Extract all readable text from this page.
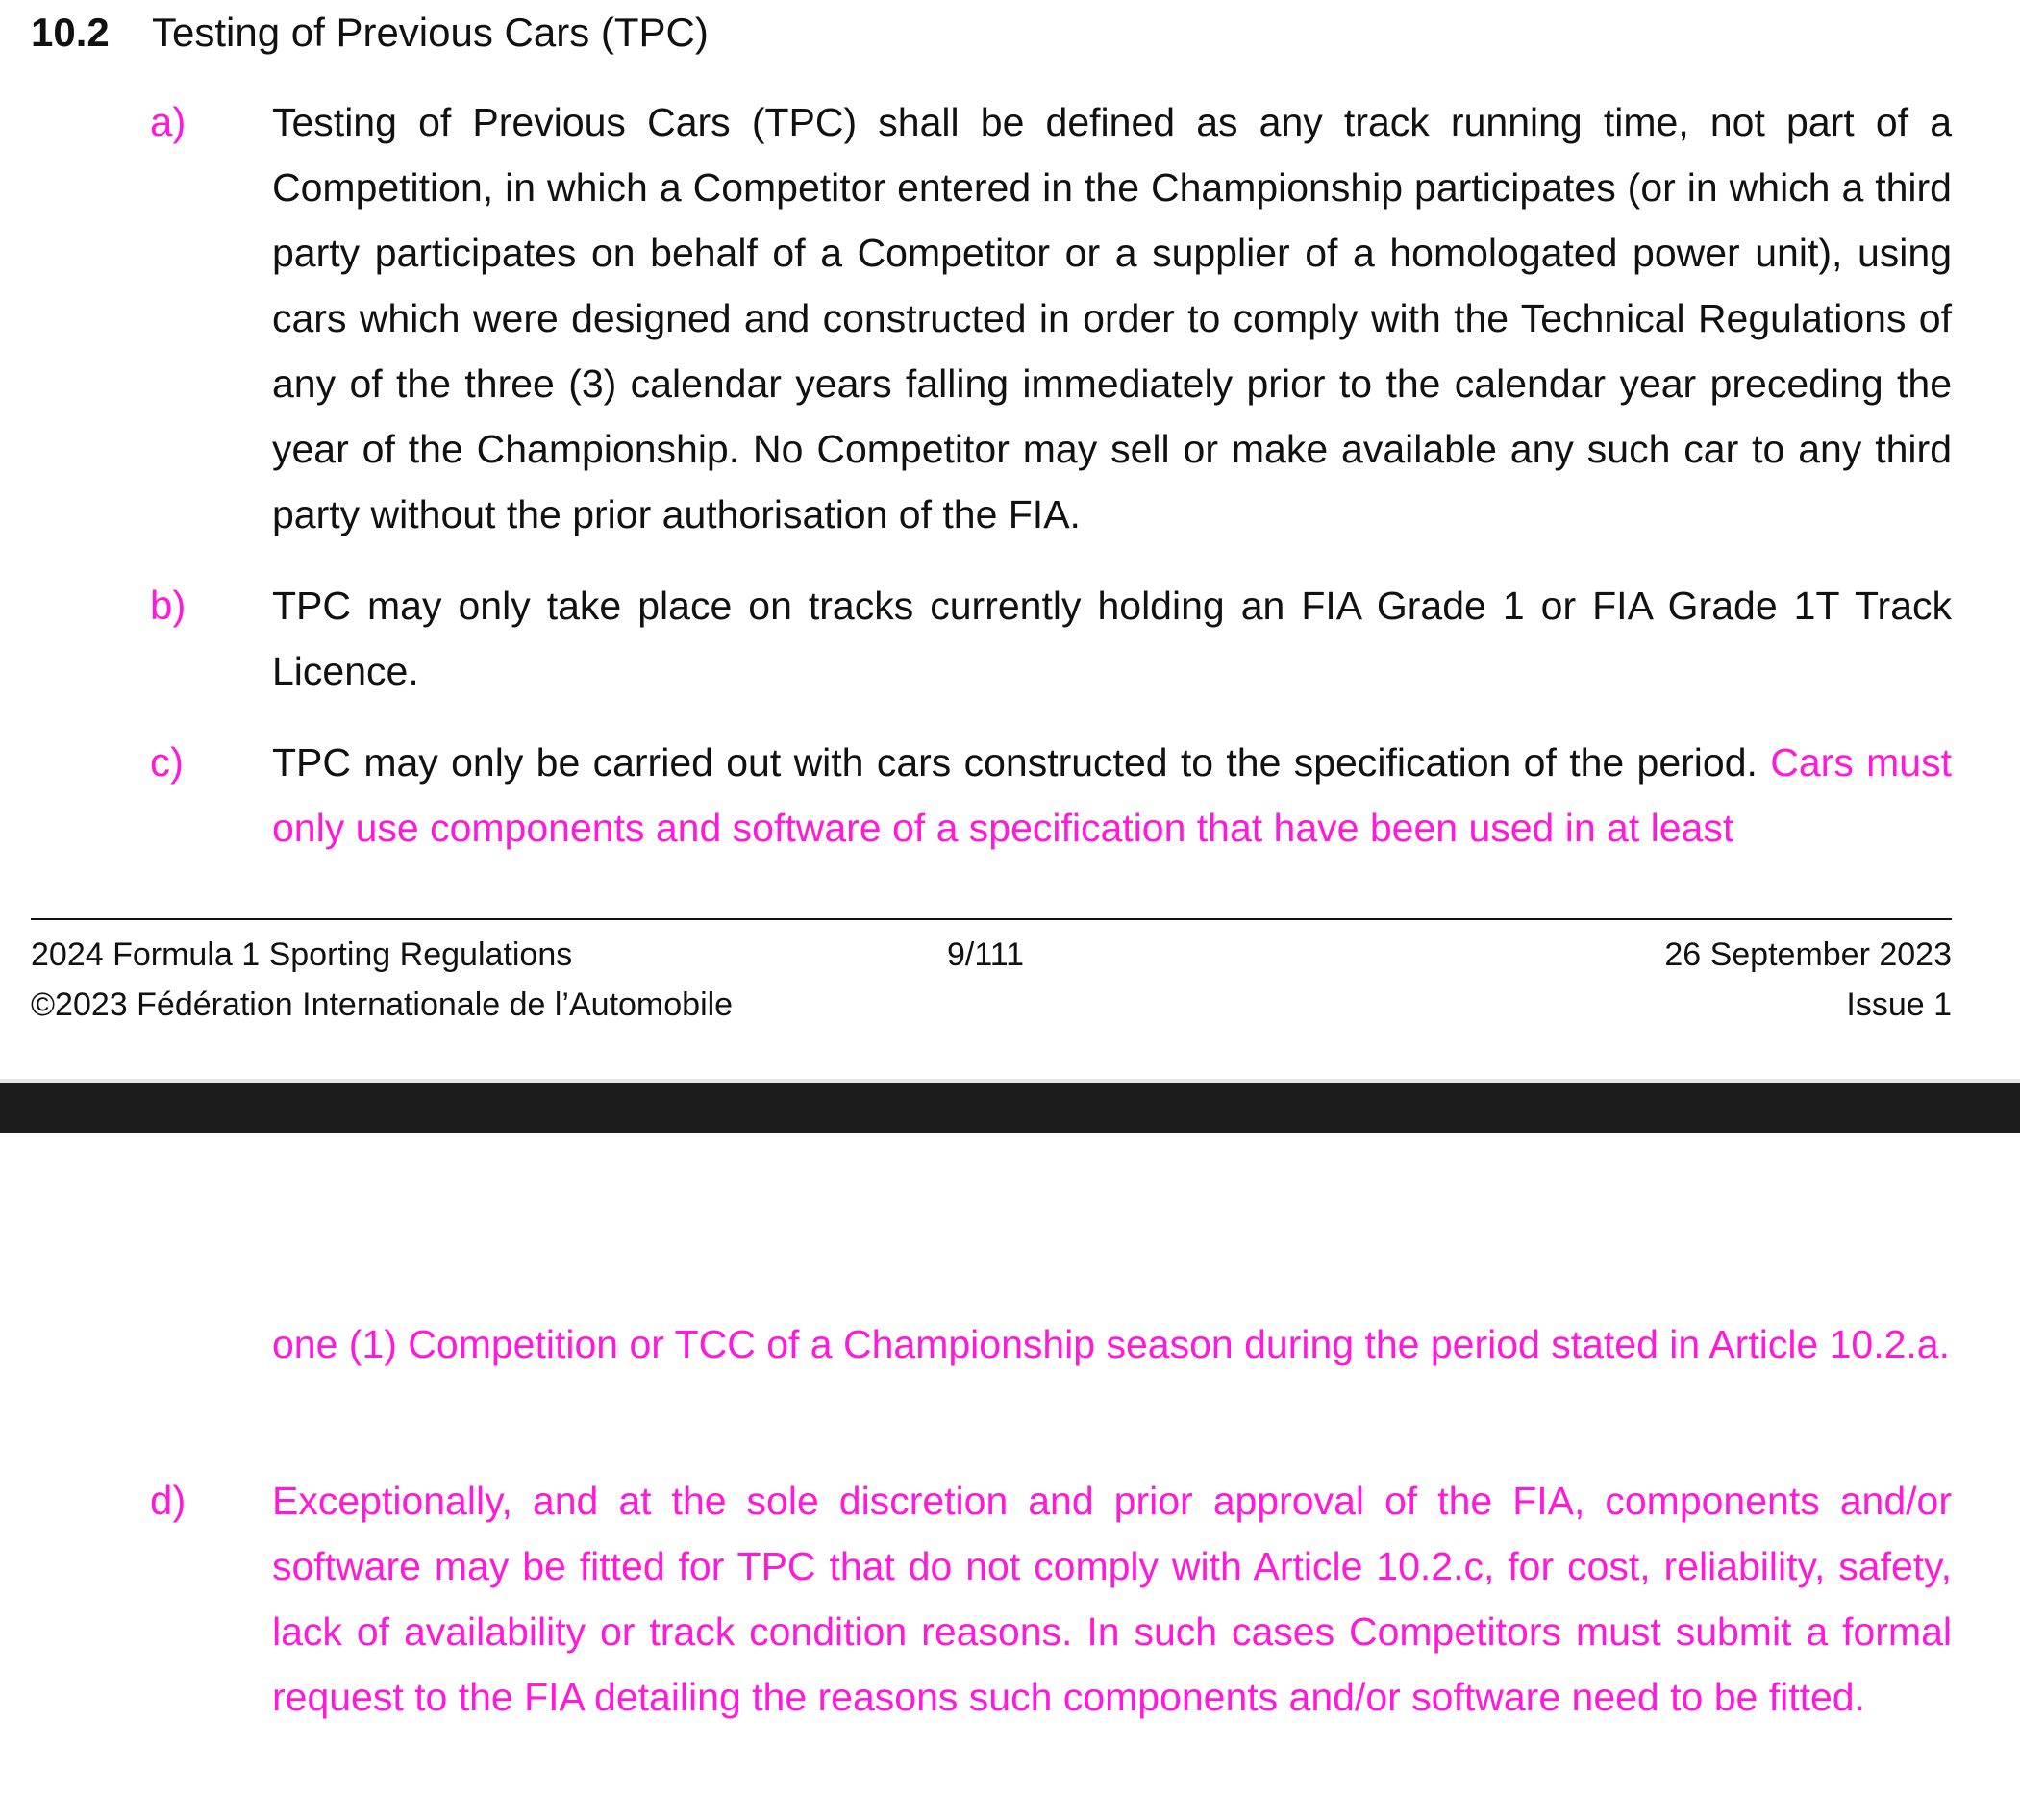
10.2 Testing of Previous Cars (TPC)
a) Testing of Previous Cars (TPC) shall be defined as any track running time, not part of a Competition, in which a Competitor entered in the Championship participates (or in which a third party participates on behalf of a Competitor or a supplier of a homologated power unit), using cars which were designed and constructed in order to comply with the Technical Regulations of any of the three (3) calendar years falling immediately prior to the calendar year preceding the year of the Championship. No Competitor may sell or make available any such car to any third party without the prior authorisation of the FIA.
b) TPC may only take place on tracks currently holding an FIA Grade 1 or FIA Grade 1T Track Licence.
c) TPC may only be carried out with cars constructed to the specification of the period. Cars must only use components and software of a specification that have been used in at least
2024 Formula 1 Sporting Regulations
©2023 Fédération Internationale de l’Automobile
9/111	26 September 2023
Issue 1
one (1) Competition or TCC of a Championship season during the period stated in Article 10.2.a.
d) Exceptionally, and at the sole discretion and prior approval of the FIA, components and/or software may be fitted for TPC that do not comply with Article 10.2.c, for cost, reliability, safety, lack of availability or track condition reasons. In such cases Competitors must submit a formal request to the FIA detailing the reasons such components and/or software need to be fitted.
